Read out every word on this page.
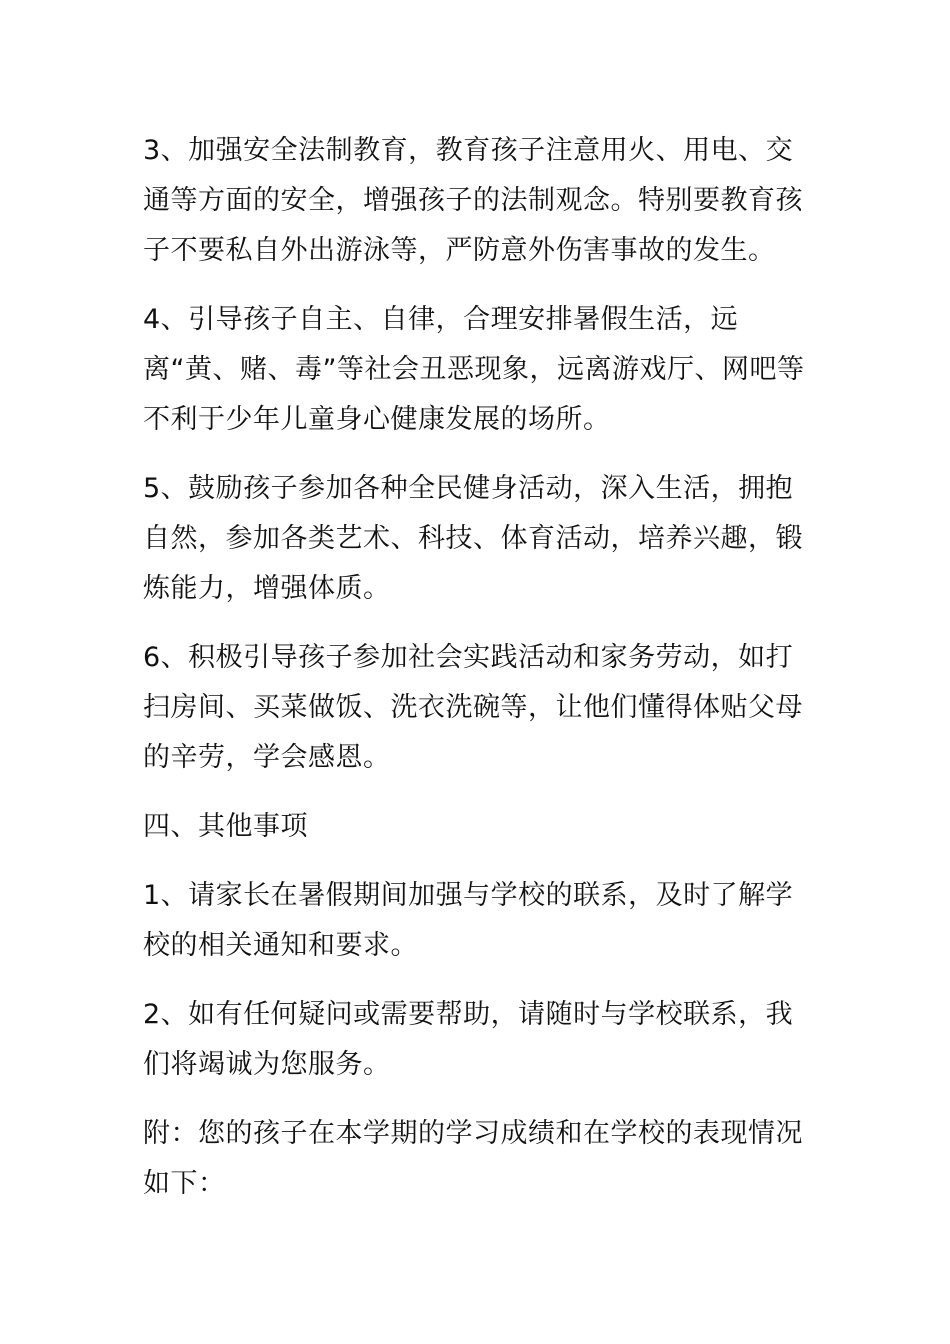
3、加强安全法制教育，教育孩子注意用火、用电、交通等方面的安全，增强孩子的法制观念。特别要教育孩子不要私自外出游泳等，严防意外伤害事故的发生。

4、引导孩子自主、自律，合理安排暑假生活，远离“黄、赌、毒”等社会丑恶现象，远离游戏厅、网吧等不利于少年儿童身心健康发展的场所。

5、鼓励孩子参加各种全民健身活动，深入生活，拥抱自然，参加各类艺术、科技、体育活动，培养兴趣，锻炼能力，增强体质。

6、积极引导孩子参加社会实践活动和家务劳动，如打扫房间、买菜做饭、洗衣洗碗等，让他们懂得体贴父母的辛劳，学会感恩。

四、其他事项

1、请家长在暑假期间加强与学校的联系，及时了解学校的相关通知和要求。

2、如有任何疑问或需要帮助，请随时与学校联系，我们将竭诚为您服务。

附：您的孩子在本学期的学习成绩和在学校的表现情况如下：
